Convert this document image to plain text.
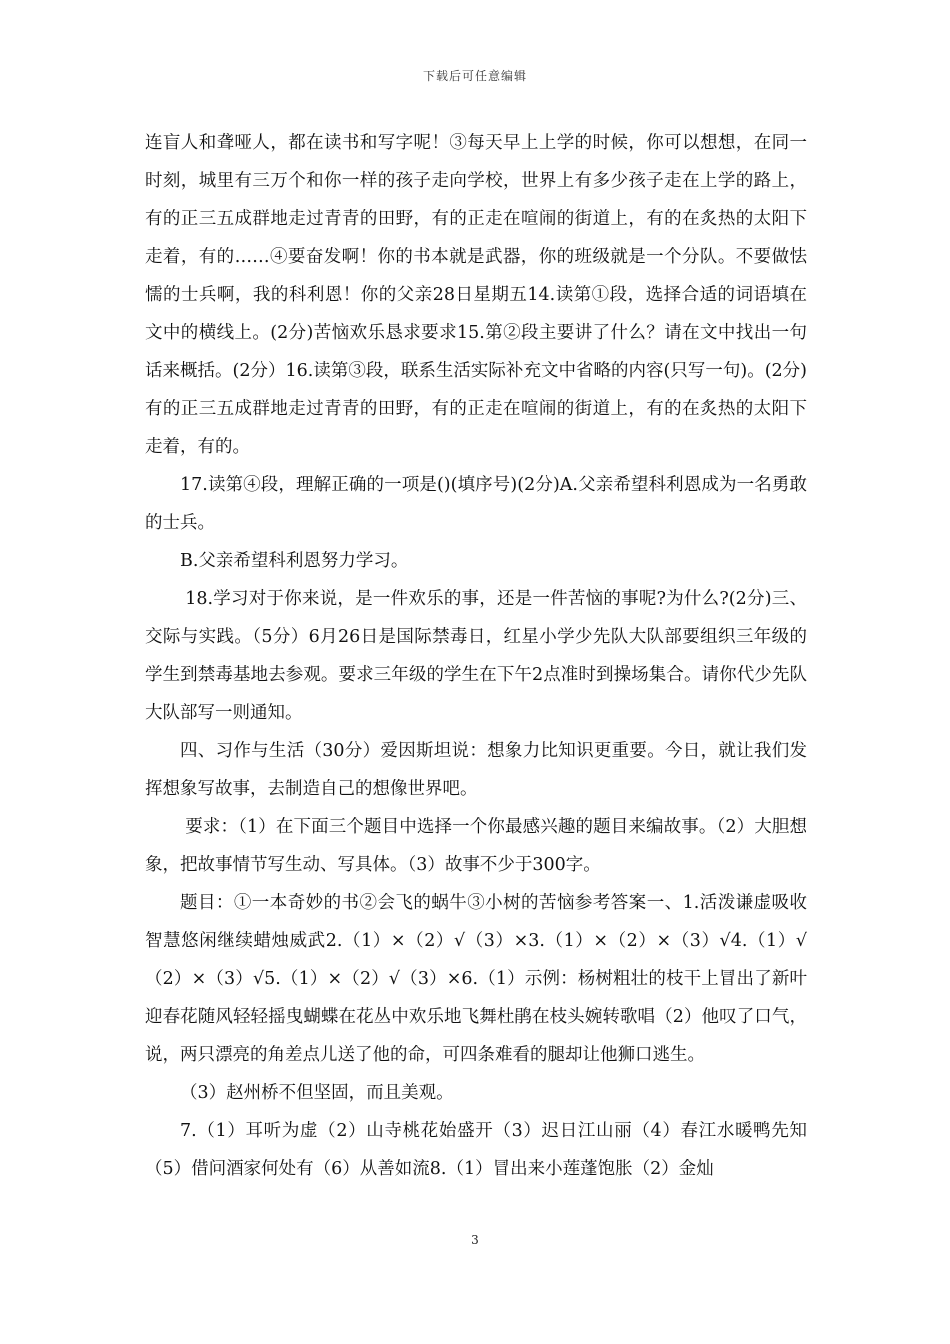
下载后可任意编辑

连盲人和聋哑人，都在读书和写字呢！③每天早上上学的时候，你可以想想，在同一时刻，城里有三万个和你一样的孩子走向学校，世界上有多少孩子走在上学的路上，有的正三五成群地走过青青的田野，有的正走在喧闹的街道上，有的在炙热的太阳下走着，有的……④要奋发啊！你的书本就是武器，你的班级就是一个分队。不要做怯懦的士兵啊，我的科利恩！你的父亲28日星期五14.读第①段，选择合适的词语填在文中的横线上。(2分)苦恼欢乐恳求要求15.第②段主要讲了什么？请在文中找出一句话来概括。(2分）16.读第③段，联系生活实际补充文中省略的内容(只写一句)。(2分)有的正三五成群地走过青青的田野，有的正走在喧闹的街道上，有的在炙热的太阳下走着，有的。

17.读第④段，理解正确的一项是()(填序号)(2分)A.父亲希望科利恩成为一名勇敢的士兵。

B.父亲希望科利恩努力学习。

18.学习对于你来说，是一件欢乐的事，还是一件苦恼的事呢?为什么?(2分)三、交际与实践。（5分）6月26日是国际禁毒日，红星小学少先队大队部要组织三年级的学生到禁毒基地去参观。要求三年级的学生在下午2点准时到操场集合。请你代少先队大队部写一则通知。

四、习作与生活（30分）爱因斯坦说：想象力比知识更重要。今日，就让我们发挥想象写故事，去制造自己的想像世界吧。

要求：（1）在下面三个题目中选择一个你最感兴趣的题目来编故事。（2）大胆想象，把故事情节写生动、写具体。（3）故事不少于300字。

题目：①一本奇妙的书②会飞的蜗牛③小树的苦恼参考答案一、1.活泼谦虚吸收智慧悠闲继续蜡烛威武2.（1）×（2）√（3）×3.（1）×（2）×（3）√4.（1）√（2）×（3）√5.（1）×（2）√（3）×6.（1）示例：杨树粗壮的枝干上冒出了新叶迎春花随风轻轻摇曳蝴蝶在花丛中欢乐地飞舞杜鹃在枝头婉转歌唱（2）他叹了口气，说，两只漂亮的角差点儿送了他的命，可四条难看的腿却让他狮口逃生。

（3）赵州桥不但坚固，而且美观。

7.（1）耳听为虚（2）山寺桃花始盛开（3）迟日江山丽（4）春江水暖鸭先知（5）借问酒家何处有（6）从善如流8.（1）冒出来小莲蓬饱胀（2）金灿

3
